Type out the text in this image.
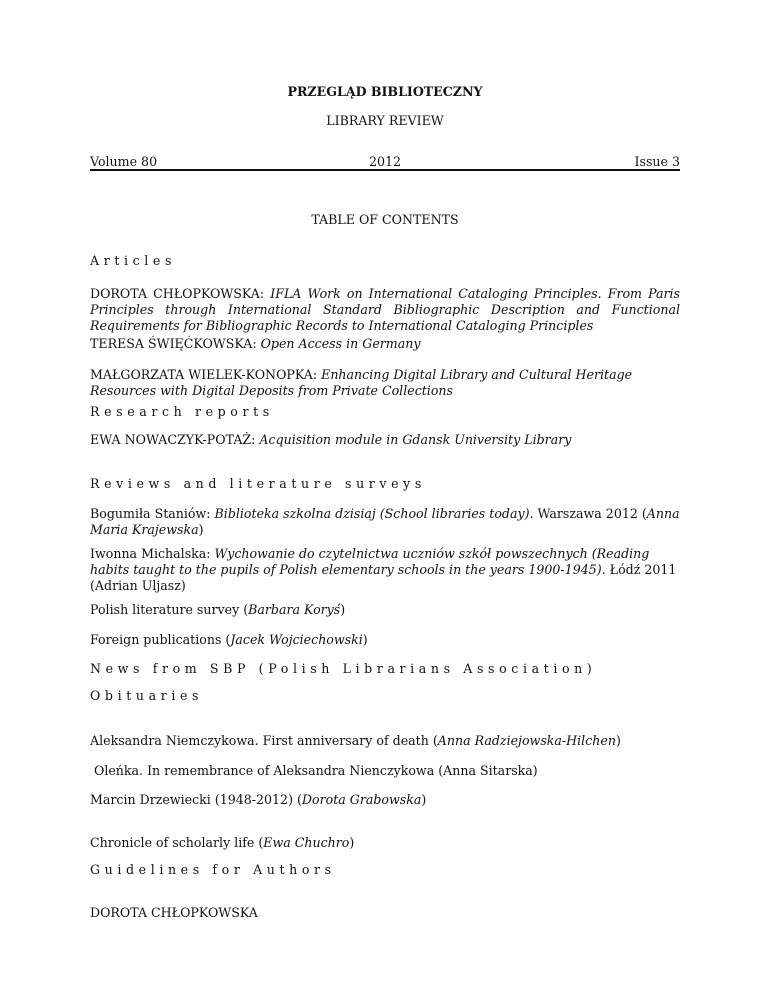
PRZEGLĄD BIBLIOTECZNY

LIBRARY REVIEW

Volume 80	2012	Issue 3

TABLE OF CONTENTS

Articles

DOROTA CHŁOPKOWSKA: IFLA Work on International Cataloging Principles. From Paris Principles through International Standard Bibliographic Description and Functional Requirements for Bibliographic Records to International Cataloging Principles

TERESA ŚWIĘĆKOWSKA: Open Access in Germany

MAŁGORZATA WIELEK-KONOPKA: Enhancing Digital Library and Cultural Heritage Resources with Digital Deposits from Private Collections

Research reports

EWA NOWACZYK-POTAŻ: Acquisition module in Gdansk University Library

Reviews and literature surveys

Bogumiła Staniów: Biblioteka szkolna dzisiaj (School libraries today). Warszawa 2012 (Anna Maria Krajewska)

Iwonna Michalska: Wychowanie do czytelnictwa uczniów szkół powszechnych (Reading habits taught to the pupils of Polish elementary schools in the years 1900-1945). Łódź 2011 (Adrian Uljasz)

Polish literature survey (Barbara Koryś)

Foreign publications (Jacek Wojciechowski)

News from SBP (Polish Librarians Association)

Obituaries

Aleksandra Niemczykowa. First anniversary of death (Anna Radziejowska-Hilchen)

Oleńka. In remembrance of Aleksandra Nienczykowa (Anna Sitarska)

Marcin Drzewiecki (1948-2012) (Dorota Grabowska)

Chronicle of scholarly life (Ewa Chuchro)

Guidelines for Authors

DOROTA CHŁOPKOWSKA
